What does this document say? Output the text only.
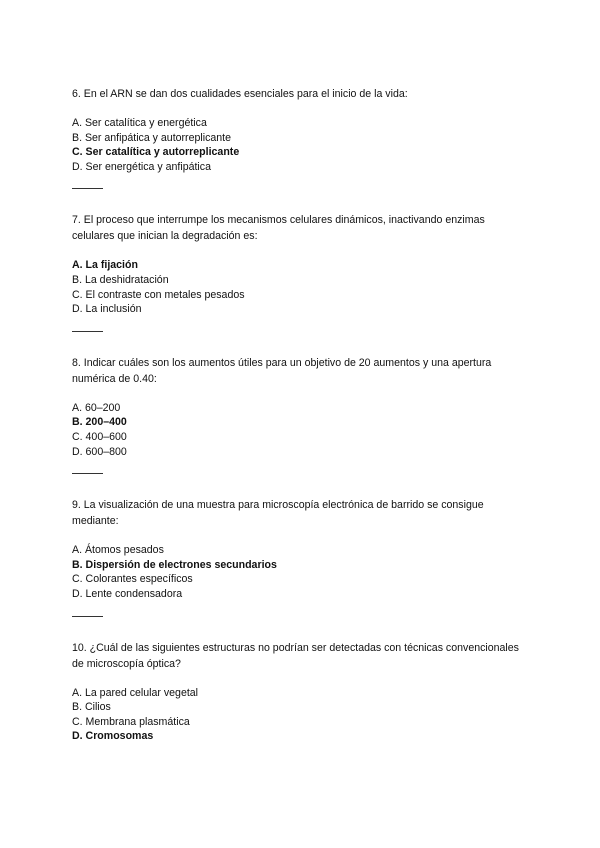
6. En el ARN se dan dos cualidades esenciales para el inicio de la vida:

A. Ser catalítica y energética
B. Ser anfipática y autorreplicante
C. Ser catalítica y autorreplicante
D. Ser energética y anfipática

7. El proceso que interrumpe los mecanismos celulares dinámicos, inactivando enzimas celulares que inician la degradación es:

A. La fijación
B. La deshidratación
C. El contraste con metales pesados
D. La inclusión

8. Indicar cuáles son los aumentos útiles para un objetivo de 20 aumentos y una apertura numérica de 0.40:

A. 60–200
B. 200–400
C. 400–600
D. 600–800

9. La visualización de una muestra para microscopía electrónica de barrido se consigue mediante:

A. Átomos pesados
B. Dispersión de electrones secundarios
C. Colorantes específicos
D. Lente condensadora

10. ¿Cuál de las siguientes estructuras no podrían ser detectadas con técnicas convencionales de microscopía óptica?

A. La pared celular vegetal
B. Cilios
C. Membrana plasmática
D. Cromosomas
